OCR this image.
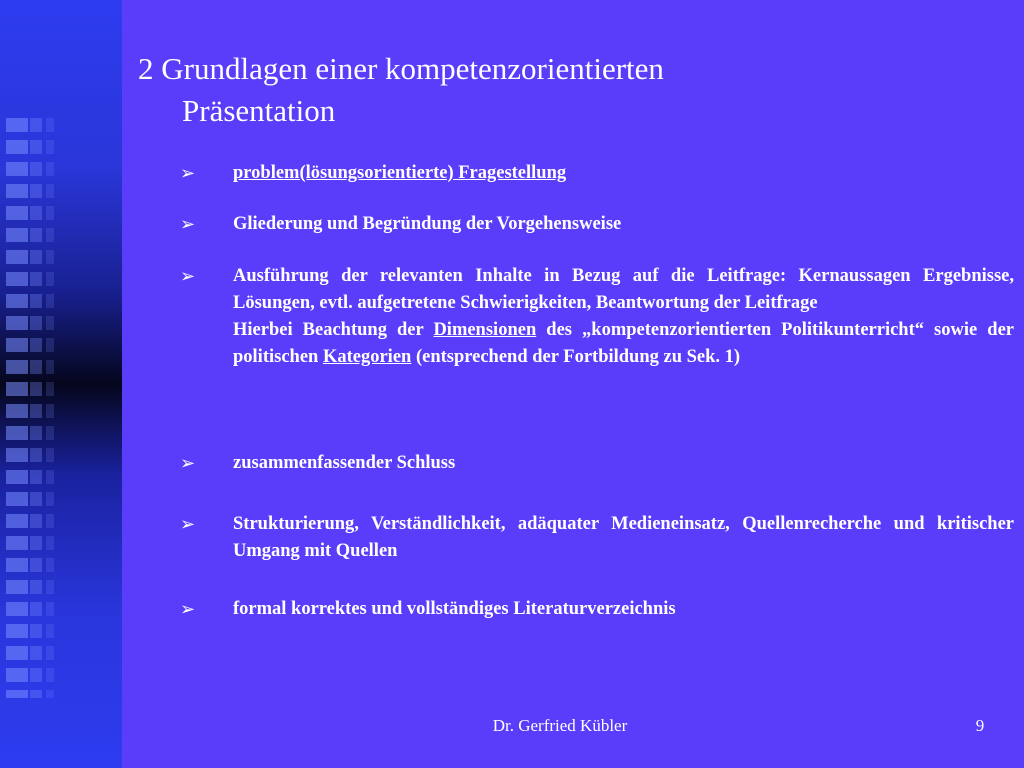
2 Grundlagen einer kompetenzorientierten
Präsentation
➢ problem(lösungsorientierte) Fragestellung
➢ Gliederung und Begründung der Vorgehensweise
➢ Ausführung der relevanten Inhalte in Bezug auf die Leitfrage: Kernaussagen Ergebnisse, Lösungen, evtl. aufgetretene Schwierigkeiten, Beantwortung der Leitfrage
Hierbei Beachtung der Dimensionen des „kompetenzorientierten Politikunterricht“ sowie der politischen Kategorien (entsprechend der Fortbildung zu Sek. 1)
➢ zusammenfassender Schluss
➢ Strukturierung, Verständlichkeit, adäquater Medieneinsatz, Quellenrecherche und kritischer Umgang mit Quellen
➢ formal korrektes und vollständiges Literaturverzeichnis
Dr. Gerfried Kübler	9
